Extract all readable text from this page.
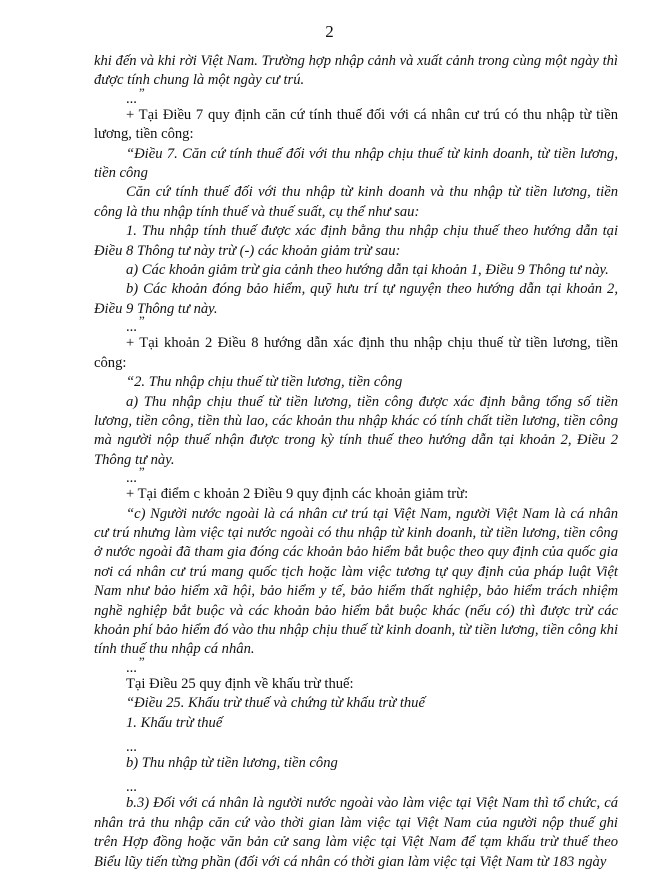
2

khi đến và khi rời Việt Nam. Trường hợp nhập cảnh và xuất cảnh trong cùng một ngày thì được tính chung là một ngày cư trú.

... ”

+ Tại Điều 7 quy định căn cứ tính thuế đối với cá nhân cư trú có thu nhập từ tiền lương, tiền công:

“Điều 7. Căn cứ tính thuế đối với thu nhập chịu thuế từ kinh doanh, từ tiền lương, tiền công

Căn cứ tính thuế đối với thu nhập từ kinh doanh và thu nhập từ tiền lương, tiền công là thu nhập tính thuế và thuế suất, cụ thể như sau:

1. Thu nhập tính thuế được xác định bằng thu nhập chịu thuế theo hướng dẫn tại Điều 8 Thông tư này trừ (-) các khoản giảm trừ sau:

a) Các khoản giảm trừ gia cảnh theo hướng dẫn tại khoản 1, Điều 9 Thông tư này.

b) Các khoản đóng bảo hiểm, quỹ hưu trí tự nguyện theo hướng dẫn tại khoản 2, Điều 9 Thông tư này.

... ”

+ Tại khoản 2 Điều 8 hướng dẫn xác định thu nhập chịu thuế từ tiền lương, tiền công:

“2. Thu nhập chịu thuế từ tiền lương, tiền công

a) Thu nhập chịu thuế từ tiền lương, tiền công được xác định bằng tổng số tiền lương, tiền công, tiền thù lao, các khoản thu nhập khác có tính chất tiền lương, tiền công mà người nộp thuế nhận được trong kỳ tính thuế theo hướng dẫn tại khoản 2, Điều 2 Thông tư này.

... ”

+ Tại điểm c khoản 2 Điều 9 quy định các khoản giảm trừ:

“c) Người nước ngoài là cá nhân cư trú tại Việt Nam, người Việt Nam là cá nhân cư trú nhưng làm việc tại nước ngoài có thu nhập từ kinh doanh, từ tiền lương, tiền công ở nước ngoài đã tham gia đóng các khoản bảo hiểm bắt buộc theo quy định của quốc gia nơi cá nhân cư trú mang quốc tịch hoặc làm việc tương tự quy định của pháp luật Việt Nam như bảo hiểm xã hội, bảo hiểm y tế, bảo hiểm thất nghiệp, bảo hiểm trách nhiệm nghề nghiệp bắt buộc và các khoản bảo hiểm bắt buộc khác (nếu có) thì được trừ các khoản phí bảo hiểm đó vào thu nhập chịu thuế từ kinh doanh, từ tiền lương, tiền công khi tính thuế thu nhập cá nhân.

... ”

Tại Điều 25 quy định về khấu trừ thuế:

“Điều 25. Khấu trừ thuế và chứng từ khấu trừ thuế

1. Khấu trừ thuế

...

b) Thu nhập từ tiền lương, tiền công

...

b.3) Đối với cá nhân là người nước ngoài vào làm việc tại Việt Nam thì tổ chức, cá nhân trả thu nhập căn cứ vào thời gian làm việc tại Việt Nam của người nộp thuế ghi trên Hợp đồng hoặc văn bản cử sang làm việc tại Việt Nam để tạm khấu trừ thuế theo Biểu lũy tiến từng phần (đối với cá nhân có thời gian làm việc tại Việt Nam từ 183 ngày
